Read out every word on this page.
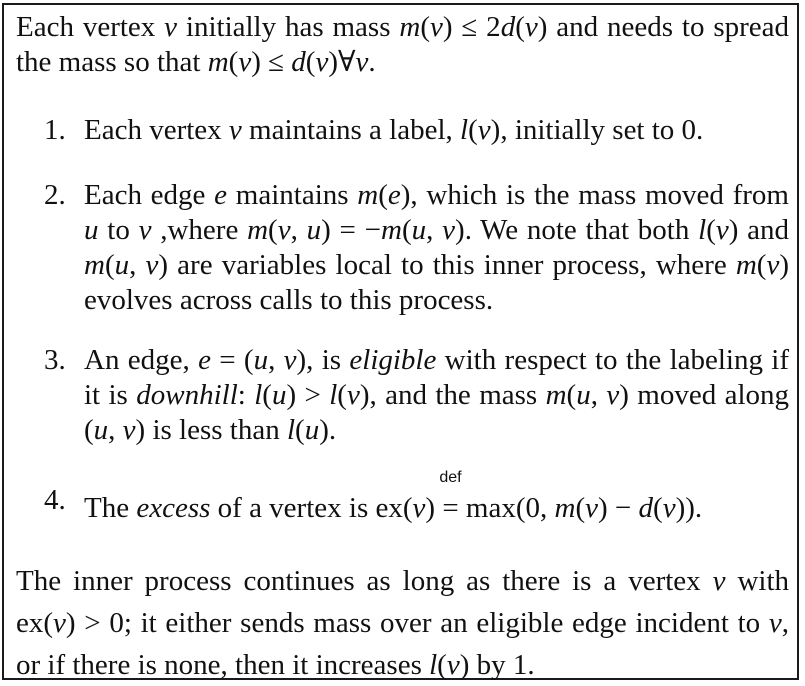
Each vertex v initially has mass m(v) ≤ 2d(v) and needs to spread the mass so that m(v) ≤ d(v)∀v.

1. Each vertex v maintains a label, l(v), initially set to 0.
2. Each edge e maintains m(e), which is the mass moved from u to v ,where m(v, u) = −m(u, v). We note that both l(v) and m(u, v) are variables local to this inner process, where m(v) evolves across calls to this process.
3. An edge, e = (u, v), is eligible with respect to the labeling if it is downhill: l(u) > l(v), and the mass m(u, v) moved along (u, v) is less than l(u).
4. The excess of a vertex is ex(v)
def
= max(0, m(v) − d(v)).

The inner process continues as long as there is a vertex v with ex(v) > 0; it either sends mass over an eligible edge incident to v, or if there is none, then it increases l(v) by 1.
